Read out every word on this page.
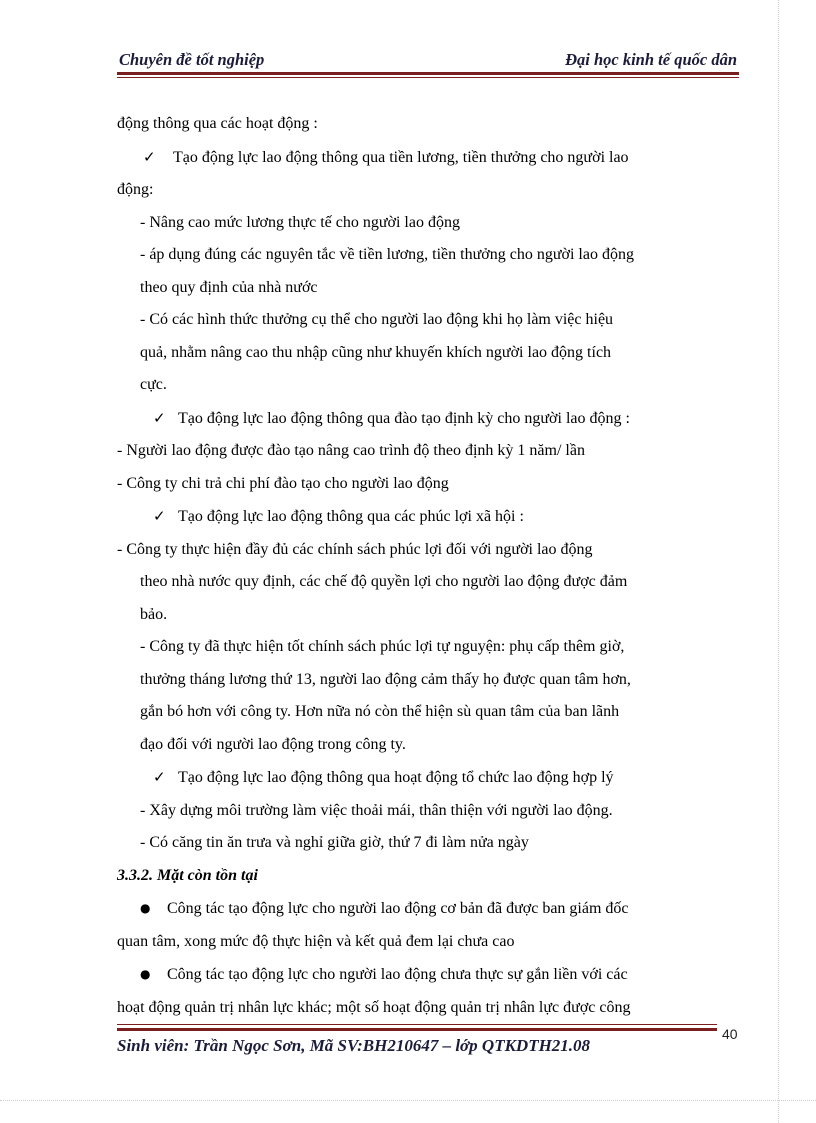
Chuyên đề tốt nghiệp	Đại học kinh tế quốc dân

động thông qua các hoạt động :

✓ Tạo động lực lao động thông qua tiền lương, tiền thưởng cho người lao

động:

- Nâng cao mức lương thực tế cho người lao động

- áp dụng đúng các nguyên tắc về tiền lương, tiền thưởng cho người lao động

theo quy định của nhà nước

- Có các hình thức thưởng cụ thể cho người lao động khi họ làm việc hiệu

quả, nhằm nâng cao thu nhập cũng như khuyến khích người lao động tích

cực.

✓ Tạo động lực lao động thông qua đào tạo định kỳ cho người lao động :

- Người lao động được đào tạo nâng cao trình độ theo định kỳ 1 năm/ lần

- Công ty chi trả chi phí đào tạo cho người lao động

✓ Tạo động lực lao động thông qua các phúc lợi xã hội :

- Công ty thực hiện đầy đủ các chính sách phúc lợi đối với người lao động

theo nhà nước quy định, các chế độ quyền lợi cho người lao động được đảm

bảo.

- Công ty đã thực hiện tốt chính sách phúc lợi tự nguyện: phụ cấp thêm giờ,

thưởng tháng lương thứ 13, người lao động cảm thấy họ được quan tâm hơn,

gắn bó hơn với công ty. Hơn nữa nó còn thể hiện sù quan tâm của ban lãnh

đạo đối với người lao động trong công ty.

✓ Tạo động lực lao động thông qua hoạt động tổ chức lao động hợp lý

- Xây dựng môi trường làm việc thoải mái, thân thiện với người lao động.

- Có căng tin ăn trưa và nghỉ giữa giờ, thứ 7 đi làm nửa ngày

3.3.2. Mặt còn tồn tại

● Công tác tạo động lực cho người lao động cơ bản đã được ban giám đốc

quan tâm, xong mức độ thực hiện và kết quả đem lại chưa cao

● Công tác tạo động lực cho người lao động chưa thực sự gắn liền với các

hoạt động quản trị nhân lực khác; một số hoạt động quản trị nhân lực được công

40
Sinh viên: Trần Ngọc Sơn, Mã SV:BH210647 – lớp QTKDTH21.08
